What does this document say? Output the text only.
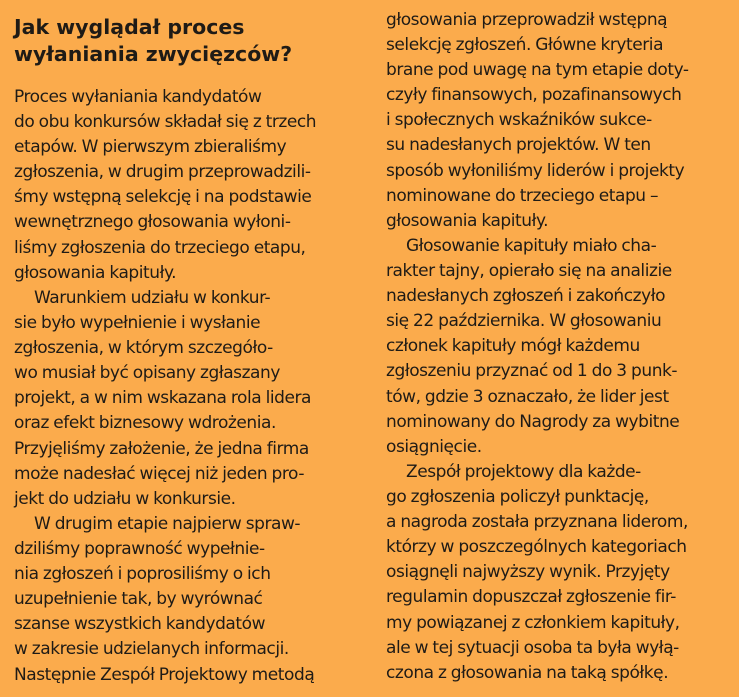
Jak wyglądał proces
wyłaniania zwycięzców?

Proces wyłaniania kandydatów
do obu konkursów składał się z trzech
etapów. W pierwszym zbieraliśmy
zgłoszenia, w drugim przeprowadzili-
śmy wstępną selekcję i na podstawie
wewnętrznego głosowania wyłoni-
liśmy zgłoszenia do trzeciego etapu,
głosowania kapituły.

Warunkiem udziału w konkur-
sie było wypełnienie i wysłanie
zgłoszenia, w którym szczegóło-
wo musiał być opisany zgłaszany
projekt, a w nim wskazana rola lidera
oraz efekt biznesowy wdrożenia.
Przyjęliśmy założenie, że jedna firma
może nadesłać więcej niż jeden pro-
jekt do udziału w konkursie.

W drugim etapie najpierw spraw-
dziliśmy poprawność wypełnie-
nia zgłoszeń i poprosiliśmy o ich
uzupełnienie tak, by wyrównać
szanse wszystkich kandydatów
w zakresie udzielanych informacji.
Następnie Zespół Projektowy metodą

głosowania przeprowadził wstępną
selekcję zgłoszeń. Główne kryteria
brane pod uwagę na tym etapie doty-
czyły finansowych, pozafinansowych
i społecznych wskaźników sukce-
su nadesłanych projektów. W ten
sposób wyłoniliśmy liderów i projekty
nominowane do trzeciego etapu –
głosowania kapituły.

Głosowanie kapituły miało cha-
rakter tajny, opierało się na analizie
nadesłanych zgłoszeń i zakończyło
się 22 października. W głosowaniu
członek kapituły mógł każdemu
zgłoszeniu przyznać od 1 do 3 punk-
tów, gdzie 3 oznaczało, że lider jest
nominowany do Nagrody za wybitne
osiągnięcie.

Zespół projektowy dla każde-
go zgłoszenia policzył punktację,
a nagroda została przyznana liderom,
którzy w poszczególnych kategoriach
osiągnęli najwyższy wynik. Przyjęty
regulamin dopuszczał zgłoszenie fir-
my powiązanej z członkiem kapituły,
ale w tej sytuacji osoba ta była wyłą-
czona z głosowania na taką spółkę.
